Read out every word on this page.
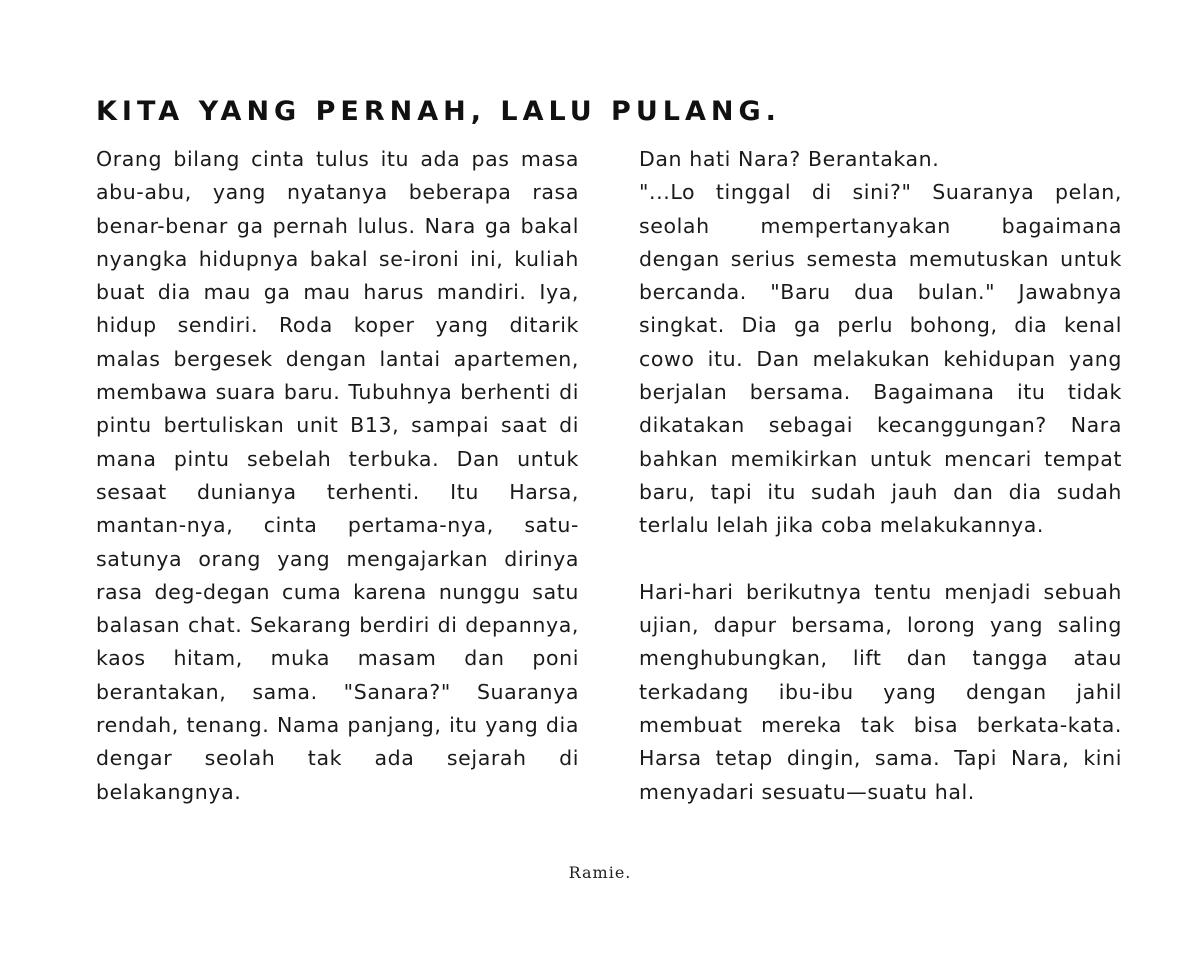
KITA YANG PERNAH, LALU PULANG.

Orang bilang cinta tulus itu ada pas masa abu-abu, yang nyatanya beberapa rasa benar-benar ga pernah lulus. Nara ga bakal nyangka hidupnya bakal se-ironi ini, kuliah buat dia mau ga mau harus mandiri. Iya, hidup sendiri. Roda koper yang ditarik malas bergesek dengan lantai apartemen, membawa suara baru. Tubuhnya berhenti di pintu bertuliskan unit B13, sampai saat di mana pintu sebelah terbuka. Dan untuk sesaat dunianya terhenti. Itu Harsa, mantan-nya, cinta pertama-nya, satu-satunya orang yang mengajarkan dirinya rasa deg-degan cuma karena nunggu satu balasan chat. Sekarang berdiri di depannya, kaos hitam, muka masam dan poni berantakan, sama. "Sanara?" Suaranya rendah, tenang. Nama panjang, itu yang dia dengar seolah tak ada sejarah di belakangnya.

Dan hati Nara? Berantakan.

"...Lo tinggal di sini?" Suaranya pelan, seolah mempertanyakan bagaimana dengan serius semesta memutuskan untuk bercanda. "Baru dua bulan." Jawabnya singkat. Dia ga perlu bohong, dia kenal cowo itu. Dan melakukan kehidupan yang berjalan bersama. Bagaimana itu tidak dikatakan sebagai kecanggungan? Nara bahkan memikirkan untuk mencari tempat baru, tapi itu sudah jauh dan dia sudah terlalu lelah jika coba melakukannya.

Hari-hari berikutnya tentu menjadi sebuah ujian, dapur bersama, lorong yang saling menghubungkan, lift dan tangga atau terkadang ibu-ibu yang dengan jahil membuat mereka tak bisa berkata-kata. Harsa tetap dingin, sama. Tapi Nara, kini menyadari sesuatu—suatu hal.

Ramie.
